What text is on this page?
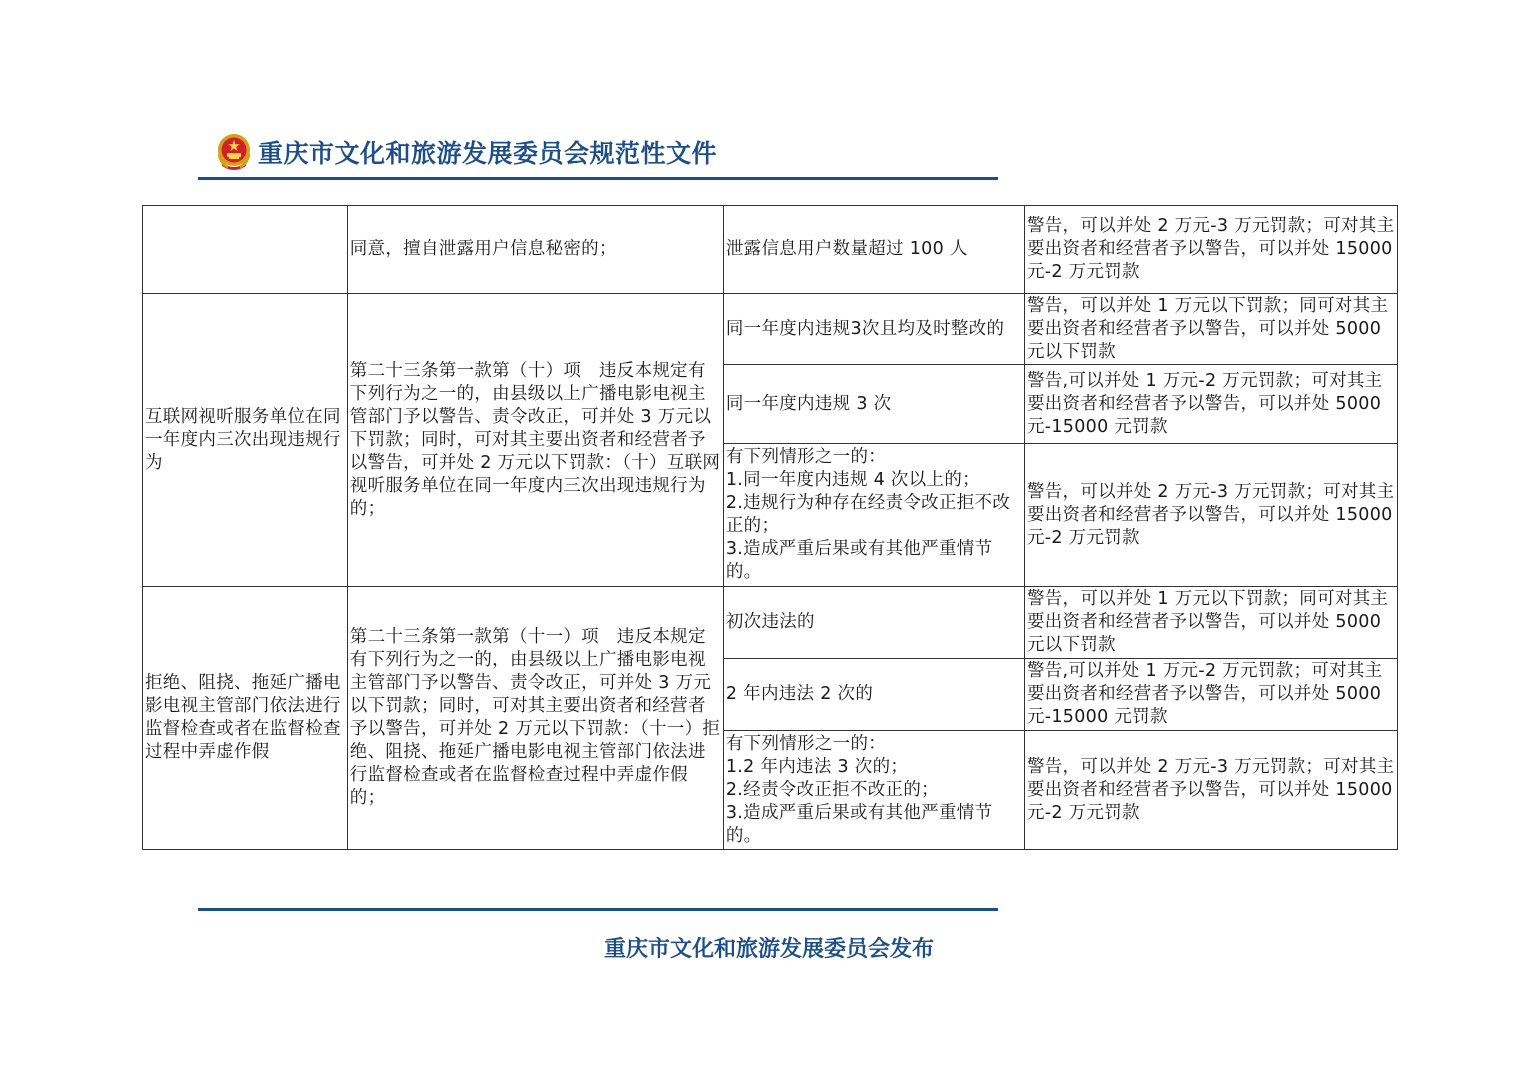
重庆市文化和旅游发展委员会规范性文件
	同意，擅自泄露用户信息秘密的；	泄露信息用户数量超过 100 人	警告，可以并处 2 万元-3 万元罚款；可对其主要出资者和经营者予以警告，可以并处 15000 元-2 万元罚款
互联网视听服务单位在同一年度内三次出现违规行为	第二十三条第一款第（十）项　违反本规定有下列行为之一的，由县级以上广播电影电视主管部门予以警告、责令改正，可并处 3 万元以下罚款；同时，可对其主要出资者和经营者予以警告，可并处 2 万元以下罚款：（十）互联网视听服务单位在同一年度内三次出现违规行为的；	同一年度内违规3次且均及时整改的	警告，可以并处 1 万元以下罚款；同可对其主要出资者和经营者予以警告，可以并处 5000 元以下罚款
		同一年度内违规 3 次	警告,可以并处 1 万元-2 万元罚款；可对其主要出资者和经营者予以警告，可以并处 5000 元-15000 元罚款
		有下列情形之一的：
1.同一年度内违规 4 次以上的；
2.违规行为种存在经责令改正拒不改正的；
3.造成严重后果或有其他严重情节的。	警告，可以并处 2 万元-3 万元罚款；可对其主要出资者和经营者予以警告，可以并处 15000 元-2 万元罚款
拒绝、阻挠、拖延广播电影电视主管部门依法进行监督检查或者在监督检查过程中弄虚作假	第二十三条第一款第（十一）项　违反本规定有下列行为之一的，由县级以上广播电影电视主管部门予以警告、责令改正，可并处 3 万元以下罚款；同时，可对其主要出资者和经营者予以警告，可并处 2 万元以下罚款：（十一）拒绝、阻挠、拖延广播电影电视主管部门依法进行监督检查或者在监督检查过程中弄虚作假的；	初次违法的	警告，可以并处 1 万元以下罚款；同可对其主要出资者和经营者予以警告，可以并处 5000 元以下罚款
		2 年内违法 2 次的	警告,可以并处 1 万元-2 万元罚款；可对其主要出资者和经营者予以警告，可以并处 5000 元-15000 元罚款
		有下列情形之一的：
1.2 年内违法 3 次的；
2.经责令改正拒不改正的；
3.造成严重后果或有其他严重情节的。	警告，可以并处 2 万元-3 万元罚款；可对其主要出资者和经营者予以警告，可以并处 15000 元-2 万元罚款
重庆市文化和旅游发展委员会发布
